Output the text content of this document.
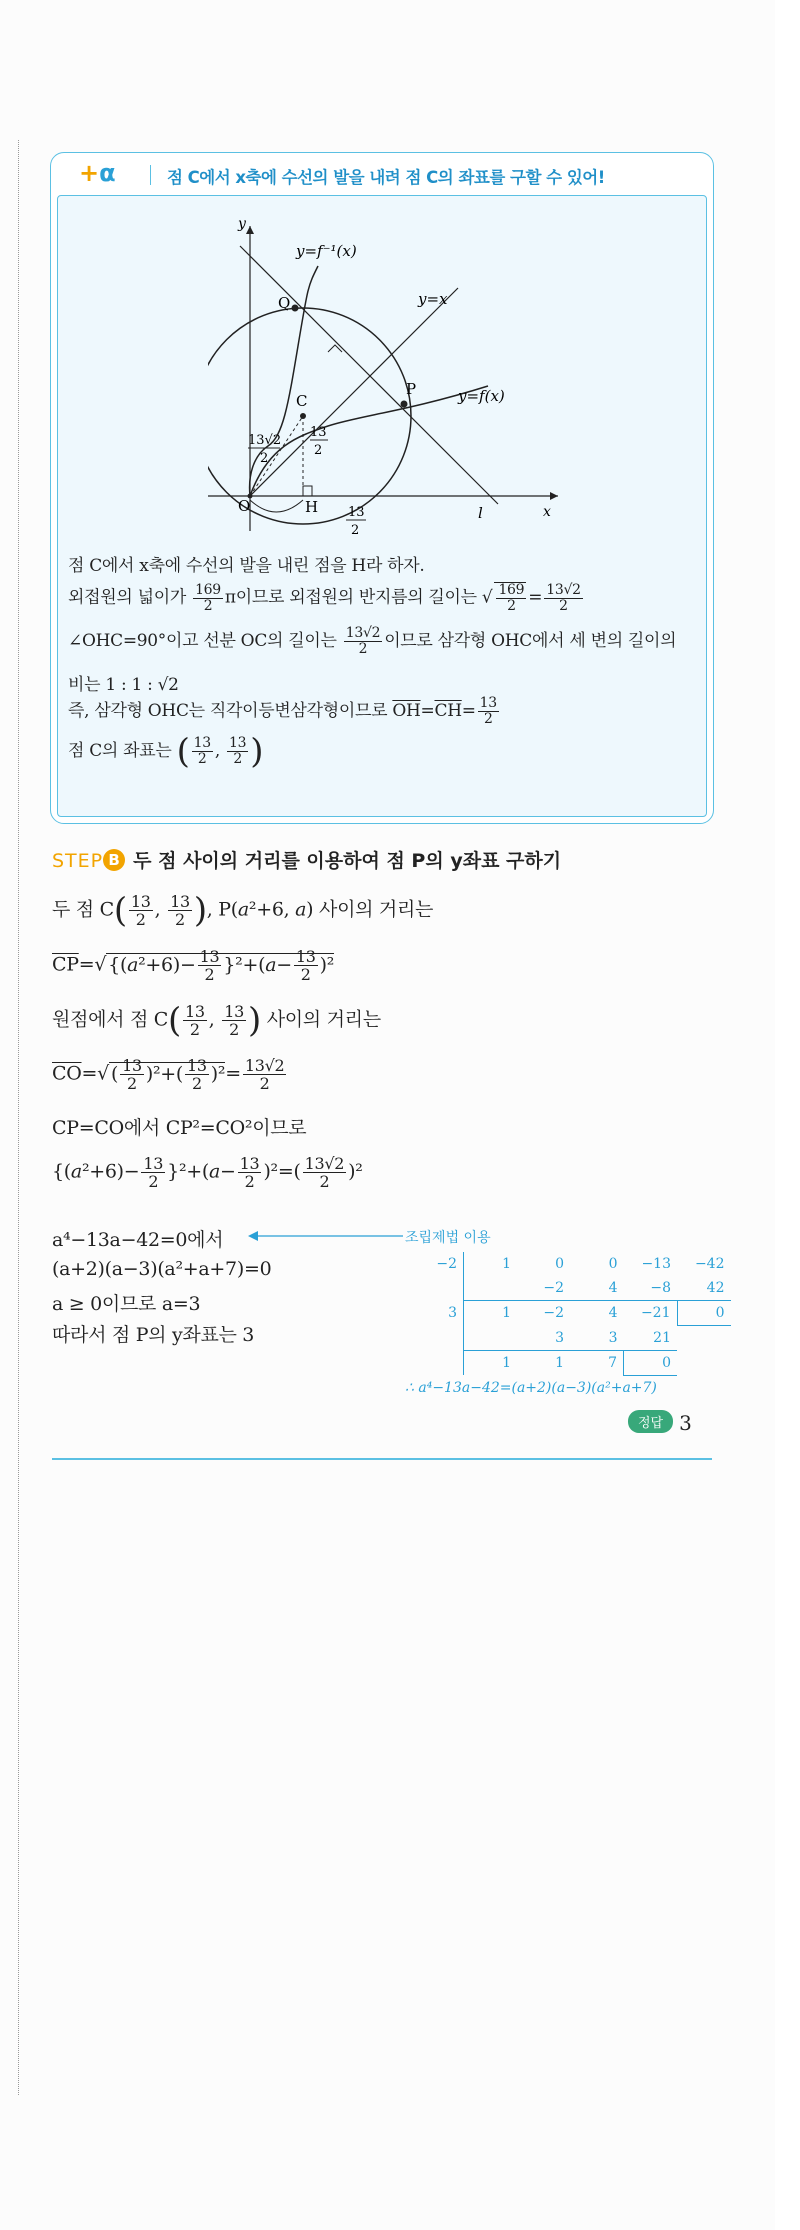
+α	점 C에서 x축에 수선의 발을 내려 점 C의 좌표를 구할 수 있어!
y
x
y=f⁻¹(x)
y=x
y=f(x)
Q
C
P
O	H	l
13√2
2
13
2
13
2
점 C에서 x축에 수선의 발을 내린 점을 H라 하자.
외접원의 넓이가 $\frac{169}{2}$ π이므로 외접원의 반지름의 길이는 √ $\frac{169}{2} = \frac{13√2}{2}$
∠OHC=90°이고 선분 OC의 길이는 $\frac{13√2}{2}$ 이므로 삼각형 OHC에서 세 변의 길이의
비는 1 : 1 : √2
즉, 삼각형 OHC는 직각이등변삼각형이므로 $\overline{OH}=\overline{CH}= \frac{13}{2}$
점 C의 좌표는 ( $\frac{13}{2}$ , $\frac{13}{2}$ )
STEP B 두 점 사이의 거리를 이용하여 점 P의 y좌표 구하기
두 점 $C( \frac{13}{2}$ , $\frac{13}{2}$ ), P(a²+6, a) 사이의 거리는
$\overline{CP}=√$ $\{(a^2+6)- \frac{13}{2} \}^2+(a- \frac{13}{2} )^2$
원점에서 점 $C( \frac{13}{2}$ , $\frac{13}{2}$ ) 사이의 거리는
$\overline{CO}=√$ ( $\frac{13}{2} )^2+( \frac{13}{2} )^2= \frac{13√2}{2}$
CP=CO에서 CP²=CO²이므로
$\{(a^2+6)- \frac{13}{2} \}^2+(a- \frac{13}{2} )^2=( \frac{13√2}{2} )^2$
a⁴−13a−42=0에서
(a+2)(a−3)(a²+a+7)=0
a ≥ 0이므로 a=3
따라서 점 P의 y좌표는 3
조립제법 이용
−2	1	0	0	−13	−42
		−2	4	−8	42
3	1	−2	4	−21	0
		3	3	21	
	1	1	7	0	
∴ a⁴−13a−42=(a+2)(a−3)(a²+a+7)
정답 3
